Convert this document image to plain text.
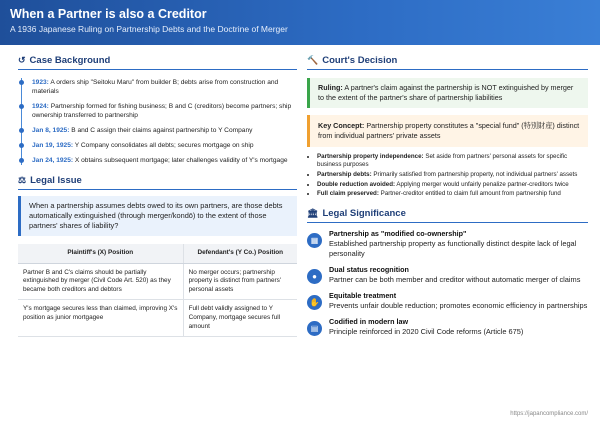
When a Partner is also a Creditor
A 1936 Japanese Ruling on Partnership Debts and the Doctrine of Merger
↺ Case Background
1923: A orders ship "Seitoku Maru" from builder B; debts arise from construction and materials
1924: Partnership formed for fishing business; B and C (creditors) become partners; ship ownership transferred to partnership
Jan 8, 1925: B and C assign their claims against partnership to Y Company
Jan 19, 1925: Y Company consolidates all debts; secures mortgage on ship
Jan 24, 1925: X obtains subsequent mortgage; later challenges validity of Y's mortgage
⚖ Legal Issue
When a partnership assumes debts owed to its own partners, are those debts automatically extinguished (through merger/kondō) to the extent of those partners' shares of liability?
Plaintiff's (X) Position	Defendant's (Y Co.) Position
Partner B and C's claims should be partially extinguished by merger (Civil Code Art. 520) as they became both creditors and debtors	No merger occurs; partnership property is distinct from partners' personal assets
Y's mortgage secures less than claimed, improving X's position as junior mortgagee	Full debt validly assigned to Y Company, mortgage secures full amount
🔨 Court's Decision
Ruling: A partner's claim against the partnership is NOT extinguished by merger to the extent of the partner's share of partnership liabilities
Key Concept: Partnership property constitutes a "special fund" (特別財産) distinct from individual partners' private assets
• Partnership property independence: Set aside from partners' personal assets for specific business purposes
• Partnership debts: Primarily satisfied from partnership property, not individual partners' assets
• Double reduction avoided: Applying merger would unfairly penalize partner-creditors twice
• Full claim preserved: Partner-creditor entitled to claim full amount from partnership fund
🏛 Legal Significance
▦
Partnership as "modified co-ownership"
Established partnership property as functionally distinct despite lack of legal personality
●
Dual status recognition
Partner can be both member and creditor without automatic merger of claims
✋
Equitable treatment
Prevents unfair double reduction; promotes economic efficiency in partnerships
▤
Codified in modern law
Principle reinforced in 2020 Civil Code reforms (Article 675)
https://japancompliance.com/
